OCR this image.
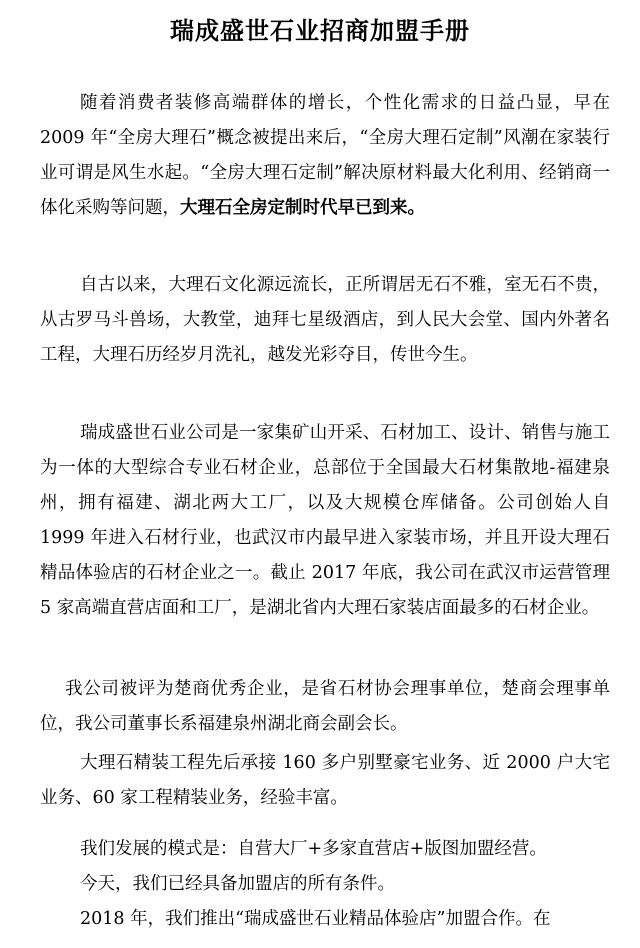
瑞成盛世石业招商加盟手册

随着消费者装修高端群体的增长，个性化需求的日益凸显，早在 2009 年“全房大理石”概念被提出来后，“全房大理石定制”风潮在家装行业可谓是风生水起。“全房大理石定制”解决原材料最大化利用、经销商一体化采购等问题，大理石全房定制时代早已到来。

自古以来，大理石文化源远流长，正所谓居无石不雅，室无石不贵，从古罗马斗兽场，大教堂，迪拜七星级酒店，到人民大会堂、国内外著名工程，大理石历经岁月洗礼，越发光彩夺目，传世今生。

瑞成盛世石业公司是一家集矿山开采、石材加工、设计、销售与施工为一体的大型综合专业石材企业，总部位于全国最大石材集散地-福建泉州，拥有福建、湖北两大工厂，以及大规模仓库储备。公司创始人自 1999 年进入石材行业，也武汉市内最早进入家装市场，并且开设大理石精品体验店的石材企业之一。截止 2017 年底，我公司在武汉市运营管理 5 家高端直营店面和工厂，是湖北省内大理石家装店面最多的石材企业。

我公司被评为楚商优秀企业，是省石材协会理事单位，楚商会理事单位，我公司董事长系福建泉州湖北商会副会长。

大理石精装工程先后承接 160 多户别墅豪宅业务、近 2000 户大宅业务、60 家工程精装业务，经验丰富。

我们发展的模式是：自营大厂+多家直营店+版图加盟经营。

今天，我们已经具备加盟店的所有条件。

2018 年，我们推出“瑞成盛世石业精品体验店”加盟合作。在
